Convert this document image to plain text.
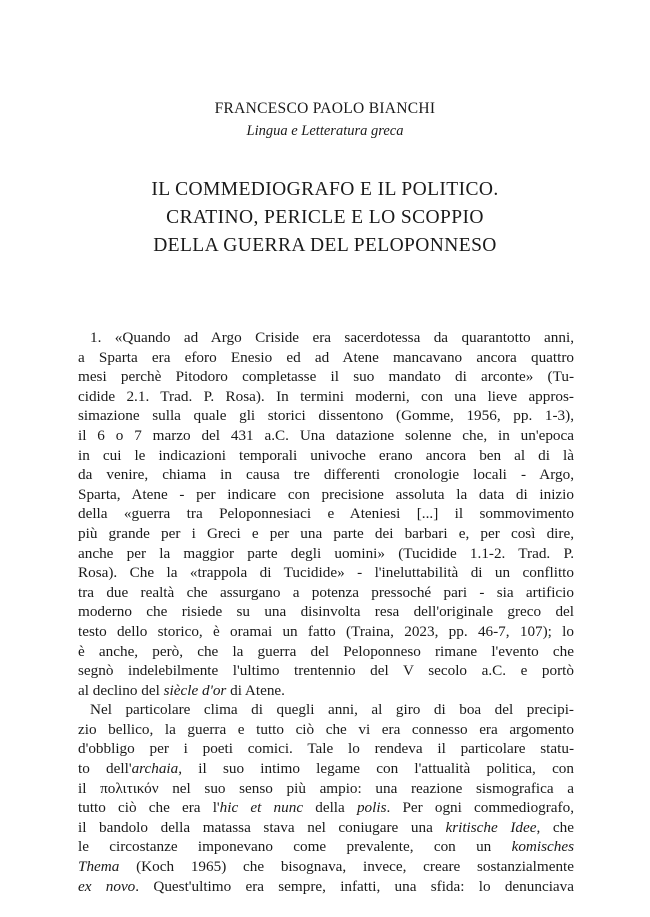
FRANCESCO PAOLO BIANCHI
Lingua e Letteratura greca
IL COMMEDIOGRAFO E IL POLITICO.
CRATINO, PERICLE E LO SCOPPIO
DELLA GUERRA DEL PELOPONNESO
1. «Quando ad Argo Criside era sacerdotessa da quarantotto anni,
a Sparta era eforo Enesio ed ad Atene mancavano ancora quattro
mesi perchè Pitodoro completasse il suo mandato di arconte» (Tu-
cidide 2.1. Trad. P. Rosa). In termini moderni, con una lieve appros-
simazione sulla quale gli storici dissentono (Gomme, 1956, pp. 1-3),
il 6 o 7 marzo del 431 a.C. Una datazione solenne che, in un'epoca
in cui le indicazioni temporali univoche erano ancora ben al di là
da venire, chiama in causa tre differenti cronologie locali - Argo,
Sparta, Atene - per indicare con precisione assoluta la data di inizio
della «guerra tra Peloponnesiaci e Ateniesi [...] il sommovimento
più grande per i Greci e per una parte dei barbari e, per così dire,
anche per la maggior parte degli uomini» (Tucidide 1.1-2. Trad. P.
Rosa). Che la «trappola di Tucidide» - l'ineluttabilità di un conflitto
tra due realtà che assurgano a potenza pressoché pari - sia artificio
moderno che risiede su una disinvolta resa dell'originale greco del
testo dello storico, è oramai un fatto (Traina, 2023, pp. 46-7, 107); lo
è anche, però, che la guerra del Peloponneso rimane l'evento che
segnò indelebilmente l'ultimo trentennio del V secolo a.C. e portò
al declino del siècle d'or di Atene.
Nel particolare clima di quegli anni, al giro di boa del precipi-
zio bellico, la guerra e tutto ciò che vi era connesso era argomento
d'obbligo per i poeti comici. Tale lo rendeva il particolare statu-
to dell'archaia, il suo intimo legame con l'attualità politica, con
il πολιτικόν nel suo senso più ampio: una reazione sismografica a
tutto ciò che era l'hic et nunc della polis. Per ogni commediografo,
il bandolo della matassa stava nel coniugare una kritische Idee, che
le circostanze imponevano come prevalente, con un komisches
Thema (Koch 1965) che bisognava, invece, creare sostanzialmente
ex novo. Quest'ultimo era sempre, infatti, una sfida: lo denunciava
